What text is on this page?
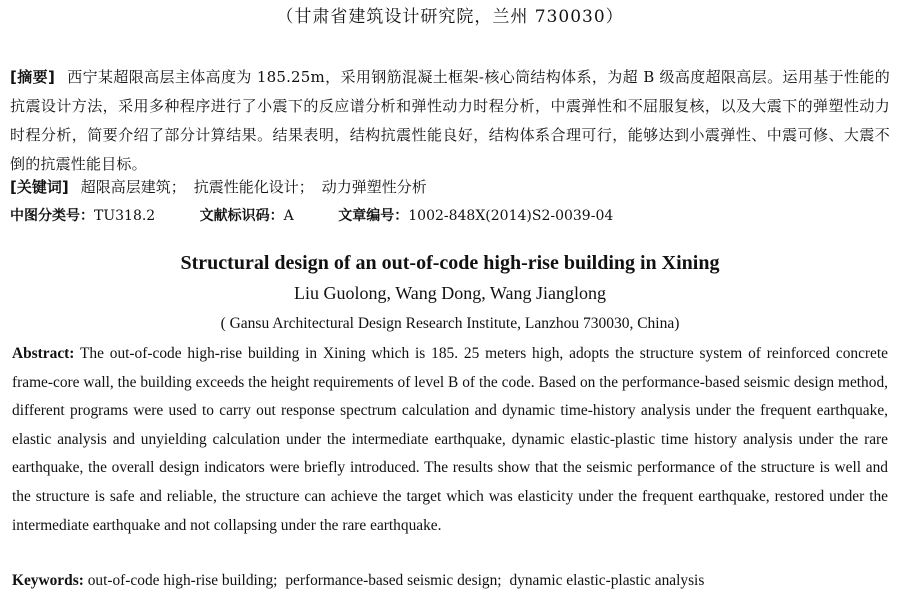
（甘肃省建筑设计研究院，兰州 730030）
[摘要] 西宁某超限高层主体高度为 185.25m，采用钢筋混凝土框架-核心筒结构体系，为超 B 级高度超限高层。运用基于性能的抗震设计方法，采用多种程序进行了小震下的反应谱分析和弹性动力时程分析，中震弹性和不屈服复核，以及大震下的弹塑性动力时程分析，简要介绍了部分计算结果。结果表明，结构抗震性能良好，结构体系合理可行，能够达到小震弹性、中震可修、大震不倒的抗震性能目标。
[关键词] 超限高层建筑； 抗震性能化设计； 动力弹塑性分析
中图分类号：TU318.2	文献标识码：A	文章编号：1002-848X(2014)S2-0039-04
Structural design of an out-of-code high-rise building in Xining
Liu Guolong, Wang Dong, Wang Jianglong
( Gansu Architectural Design Research Institute, Lanzhou 730030, China)
Abstract: The out-of-code high-rise building in Xining which is 185. 25 meters high, adopts the structure system of reinforced concrete frame-core wall, the building exceeds the height requirements of level B of the code. Based on the performance-based seismic design method, different programs were used to carry out response spectrum calculation and dynamic time-history analysis under the frequent earthquake, elastic analysis and unyielding calculation under the intermediate earthquake, dynamic elastic-plastic time history analysis under the rare earthquake, the overall design indicators were briefly introduced. The results show that the seismic performance of the structure is well and the structure is safe and reliable, the structure can achieve the target which was elasticity under the frequent earthquake, restored under the intermediate earthquake and not collapsing under the rare earthquake.
Keywords: out-of-code high-rise building; performance-based seismic design; dynamic elastic-plastic analysis
